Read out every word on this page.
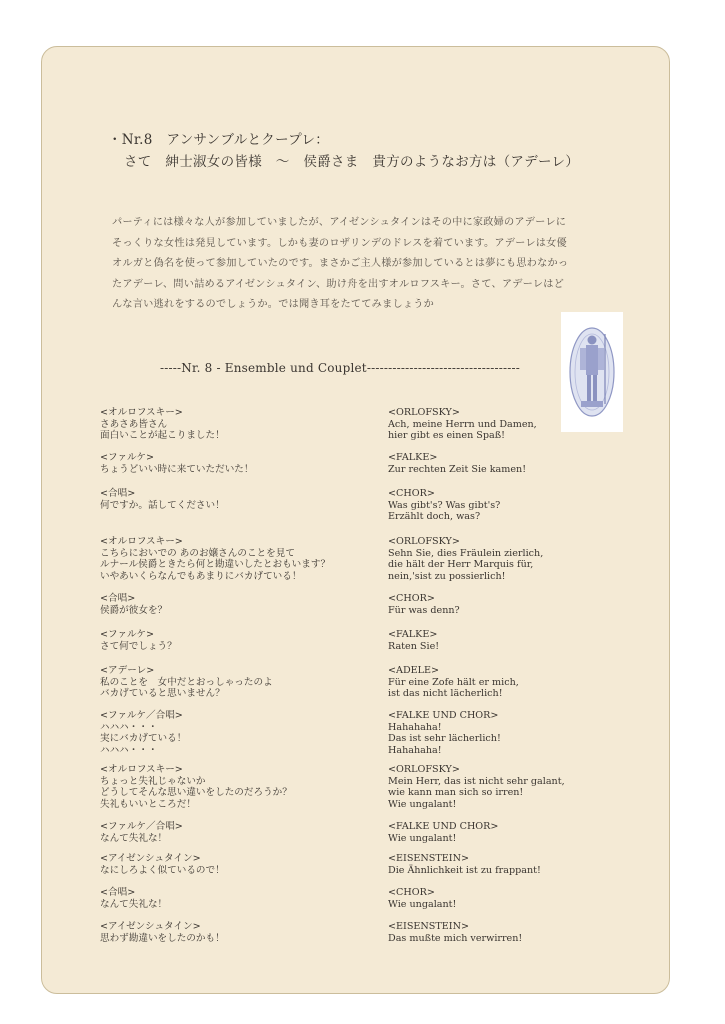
・Nr.8　アンサンブルとクープレ：
さて　紳士淑女の皆様　～　侯爵さま　貴方のようなお方は（アデーレ）
パーティには様々な人が参加していましたが、アイゼンシュタインはその中に家政婦のアデーレに
そっくりな女性は発見しています。しかも妻のロザリンデのドレスを着ています。アデーレは女優
オルガと偽名を使って参加していたのです。まさかご主人様が参加しているとは夢にも思わなかっ
たアデーレ、問い詰めるアイゼンシュタイン、助け舟を出すオルロフスキー。さて、アデーレはど
んな言い逃れをするのでしょうか。では聞き耳をたててみましょうか
-----Nr. 8 - Ensemble und Couplet------------------------------------
<オルロフスキー>
さあさあ皆さん
面白いことが起こりました！
<ファルケ>
ちょうどいい時に来ていただいた！
<合唱>
何ですか。話してください！
<オルロフスキー>
こちらにおいでの あのお嬢さんのことを見て
ルナール侯爵ときたら何と勘違いしたとおもいます？
いやあいくらなんでもあまりにバカげている！
<合唱>
侯爵が彼女を？
<ファルケ>
さて何でしょう？
<アデーレ>
私のことを　女中だとおっしゃったのよ
バカげていると思いません？
<ファルケ／合唱>
ハハハ・・・
実にバカげている！
ハハハ・・・
<オルロフスキー>
ちょっと失礼じゃないか
どうしてそんな思い違いをしたのだろうか？
失礼もいいところだ！
<ファルケ／合唱>
なんて失礼な！
<アイゼンシュタイン>
なにしろよく似ているので！
<合唱>
なんて失礼な！
<アイゼンシュタイン>
思わず勘違いをしたのかも！
<ORLOFSKY>
Ach, meine Herrn und Damen,
hier gibt es einen Spaß!
<FALKE>
Zur rechten Zeit Sie kamen!
<CHOR>
Was gibt's? Was gibt's?
Erzählt doch, was?
<ORLOFSKY>
Sehn Sie, dies Fräulein zierlich,
die hält der Herr Marquis für,
nein,'sist zu possierlich!
<CHOR>
Für was denn?
<FALKE>
Raten Sie!
<ADELE>
Für eine Zofe hält er mich,
ist das nicht lächerlich!
<FALKE UND CHOR>
Hahahaha!
Das ist sehr lächerlich!
Hahahaha!
<ORLOFSKY>
Mein Herr, das ist nicht sehr galant,
wie kann man sich so irren!
Wie ungalant!
<FALKE UND CHOR>
Wie ungalant!
<EISENSTEIN>
Die Ähnlichkeit ist zu frappant!
<CHOR>
Wie ungalant!
<EISENSTEIN>
Das mußte mich verwirren!
